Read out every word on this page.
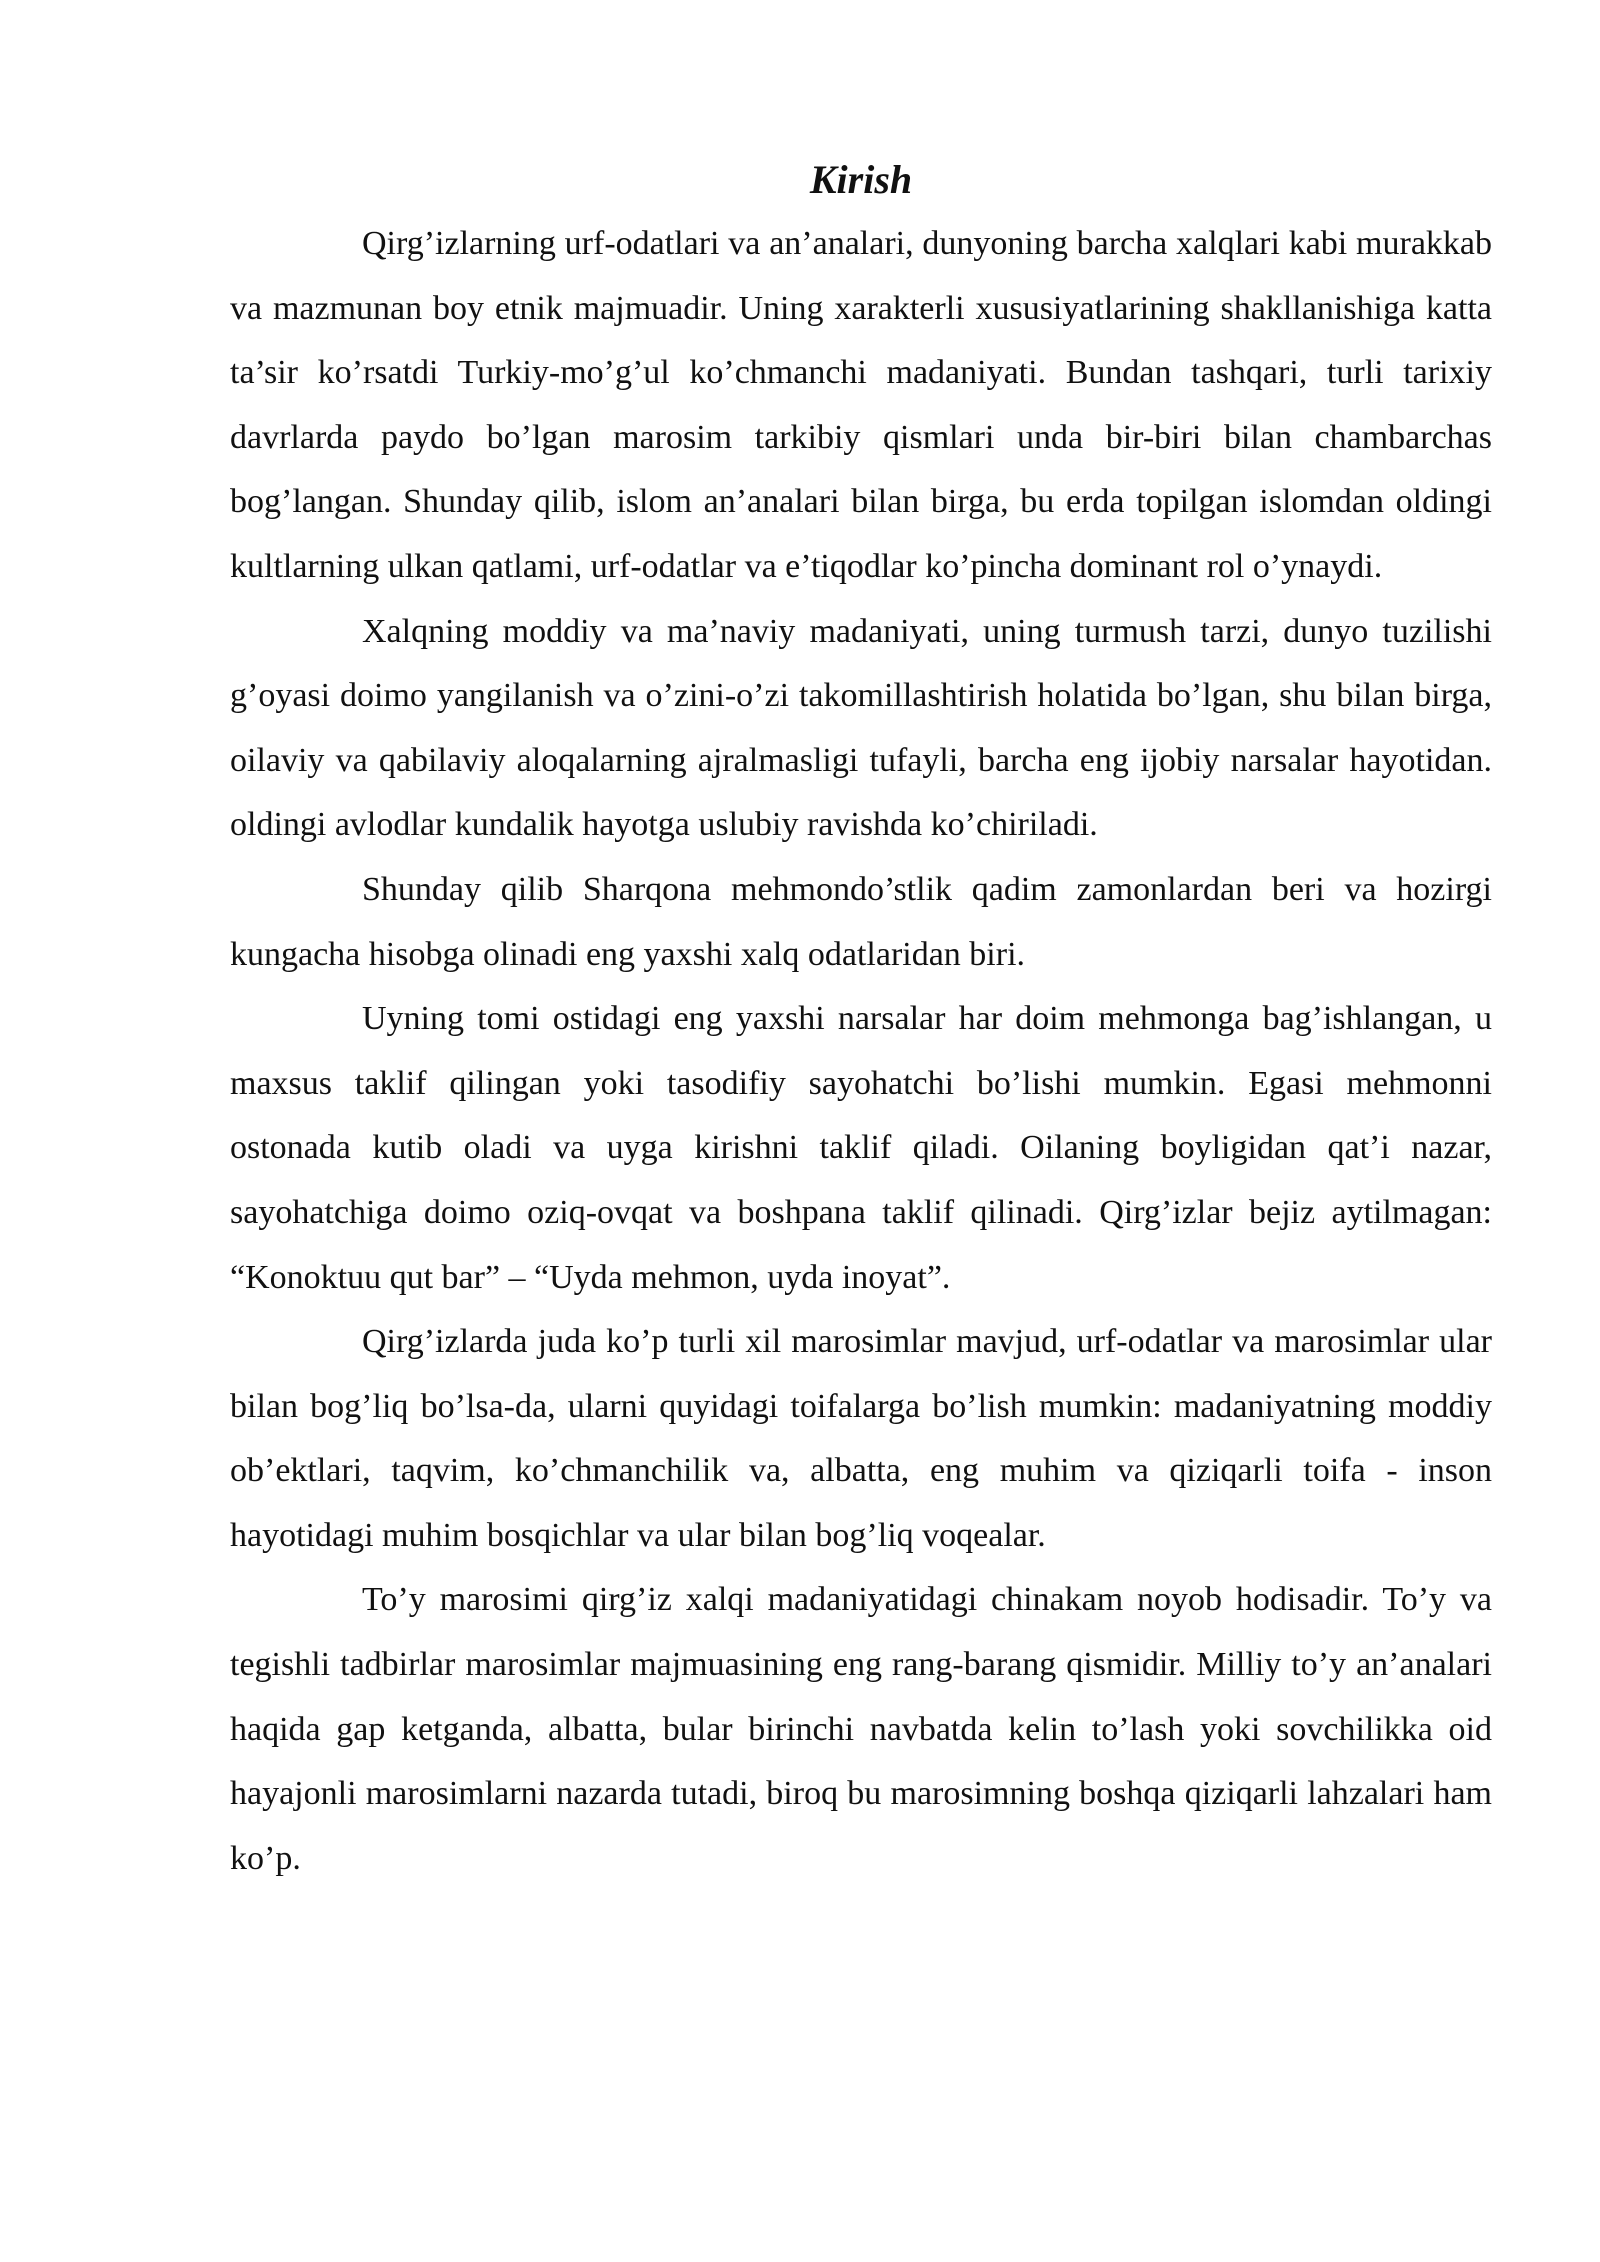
Kirish

Qirg’izlarning urf-odatlari va an’analari, dunyoning barcha xalqlari kabi murakkab va mazmunan boy etnik majmuadir. Uning xarakterli xususiyatlarining shakllanishiga katta ta’sir ko’rsatdi Turkiy-mo’g’ul ko’chmanchi madaniyati. Bundan tashqari, turli tarixiy davrlarda paydo bo’lgan marosim tarkibiy qismlari unda bir-biri bilan chambarchas bog’langan. Shunday qilib, islom an’analari bilan birga, bu erda topilgan islomdan oldingi kultlarning ulkan qatlami, urf-odatlar va e’tiqodlar ko’pincha dominant rol o’ynaydi.

Xalqning moddiy va ma’naviy madaniyati, uning turmush tarzi, dunyo tuzilishi g’oyasi doimo yangilanish va o’zini-o’zi takomillashtirish holatida bo’lgan, shu bilan birga, oilaviy va qabilaviy aloqalarning ajralmasligi tufayli, barcha eng ijobiy narsalar hayotidan. oldingi avlodlar kundalik hayotga uslubiy ravishda ko’chiriladi.

Shunday qilib Sharqona mehmondo’stlik qadim zamonlardan beri va hozirgi kungacha hisobga olinadi eng yaxshi xalq odatlaridan biri.

Uyning tomi ostidagi eng yaxshi narsalar har doim mehmonga bag’ishlangan, u maxsus taklif qilingan yoki tasodifiy sayohatchi bo’lishi mumkin. Egasi mehmonni ostonada kutib oladi va uyga kirishni taklif qiladi. Oilaning boyligidan qat’i nazar, sayohatchiga doimo oziq-ovqat va boshpana taklif qilinadi. Qirg’izlar bejiz aytilmagan: “Konoktuu qut bar” – “Uyda mehmon, uyda inoyat”.

Qirg’izlarda juda ko’p turli xil marosimlar mavjud, urf-odatlar va marosimlar ular bilan bog’liq bo’lsa-da, ularni quyidagi toifalarga bo’lish mumkin: madaniyatning moddiy ob’ektlari, taqvim, ko’chmanchilik va, albatta, eng muhim va qiziqarli toifa - inson hayotidagi muhim bosqichlar va ular bilan bog’liq voqealar.

To’y marosimi qirg’iz xalqi madaniyatidagi chinakam noyob hodisadir. To’y va tegishli tadbirlar marosimlar majmuasining eng rang-barang qismidir. Milliy to’y an’analari haqida gap ketganda, albatta, bular birinchi navbatda kelin to’lash yoki sovchilikka oid hayajonli marosimlarni nazarda tutadi, biroq bu marosimning boshqa qiziqarli lahzalari ham ko’p.
